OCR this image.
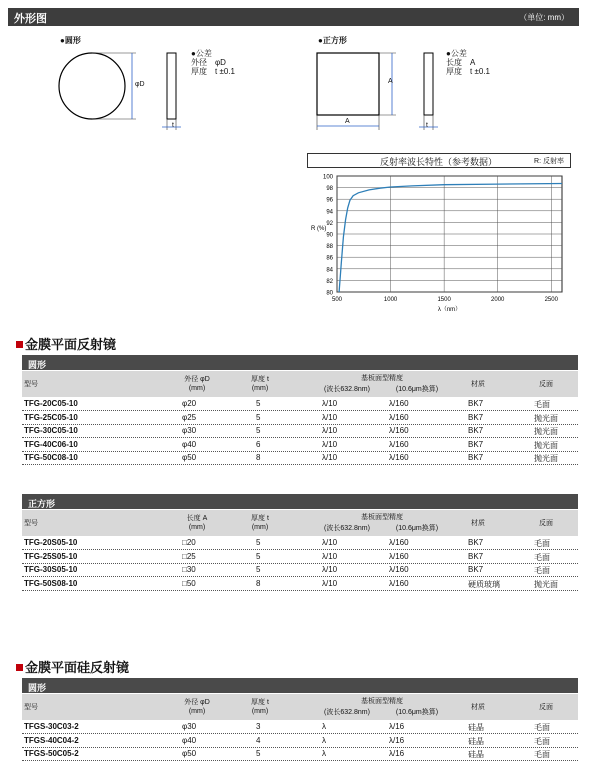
外形图	（单位: mm）
●圆形
φD
t
●公差
外径　φD
厚度　t ±0.1
●正方形
A
A
t
●公差
长度　A
厚度　t ±0.1
反射率波长特性（参考数据）	R: 反射率
80
82
84
86
88
90
92
94
96
98
100
500	1000	1500	2000	2500
R (%)
λ（nm）
金膜平面反射镜
圆形
型号
外径 φD
(mm)
厚度 t
(mm)
基板面型精度
(波长632.8nm)	(10.6μm换算)
材质	反面
TFG-20C05-10	φ20	5	λ/10	λ/160	BK7	毛面
TFG-25C05-10	φ25	5	λ/10	λ/160	BK7	抛光面
TFG-30C05-10	φ30	5	λ/10	λ/160	BK7	抛光面
TFG-40C06-10	φ40	6	λ/10	λ/160	BK7	抛光面
TFG-50C08-10	φ50	8	λ/10	λ/160	BK7	抛光面
正方形
型号
长度 A
(mm)
厚度 t
(mm)
基板面型精度
(波长632.8nm)	(10.6μm换算)
材质	反面
TFG-20S05-10	□20	5	λ/10	λ/160	BK7	毛面
TFG-25S05-10	□25	5	λ/10	λ/160	BK7	毛面
TFG-30S05-10	□30	5	λ/10	λ/160	BK7	毛面
TFG-50S08-10	□50	8	λ/10	λ/160	硬质玻璃	抛光面
金膜平面硅反射镜
圆形
型号
外径 φD
(mm)
厚度 t
(mm)
基板面型精度
(波长632.8nm)	(10.6μm换算)
材质	反面
TFGS-30C03-2	φ30	3	λ	λ/16	硅晶	毛面
TFGS-40C04-2	φ40	4	λ	λ/16	硅晶	毛面
TFGS-50C05-2	φ50	5	λ	λ/16	硅晶	毛面
